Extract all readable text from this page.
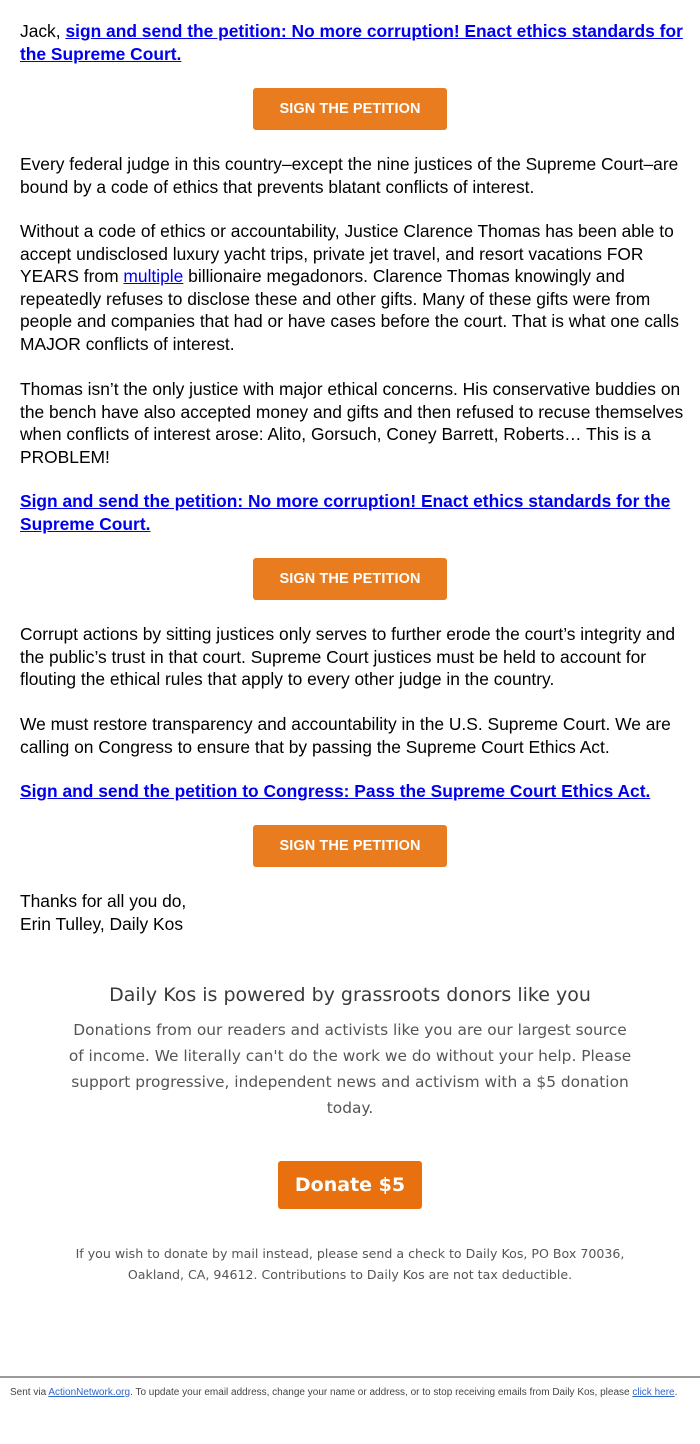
Jack, sign and send the petition: No more corruption! Enact ethics standards for the Supreme Court.
SIGN THE PETITION
Every federal judge in this country–except the nine justices of the Supreme Court–are bound by a code of ethics that prevents blatant conflicts of interest.
Without a code of ethics or accountability, Justice Clarence Thomas has been able to accept undisclosed luxury yacht trips, private jet travel, and resort vacations FOR YEARS from multiple billionaire megadonors. Clarence Thomas knowingly and repeatedly refuses to disclose these and other gifts. Many of these gifts were from people and companies that had or have cases before the court. That is what one calls MAJOR conflicts of interest.
Thomas isn’t the only justice with major ethical concerns. His conservative buddies on the bench have also accepted money and gifts and then refused to recuse themselves when conflicts of interest arose: Alito, Gorsuch, Coney Barrett, Roberts… This is a PROBLEM!
Sign and send the petition: No more corruption! Enact ethics standards for the Supreme Court.
SIGN THE PETITION
Corrupt actions by sitting justices only serves to further erode the court’s integrity and the public’s trust in that court. Supreme Court justices must be held to account for flouting the ethical rules that apply to every other judge in the country.
We must restore transparency and accountability in the U.S. Supreme Court. We are calling on Congress to ensure that by passing the Supreme Court Ethics Act.
Sign and send the petition to Congress: Pass the Supreme Court Ethics Act.
SIGN THE PETITION
Thanks for all you do,
Erin Tulley, Daily Kos
Daily Kos is powered by grassroots donors like you
Donations from our readers and activists like you are our largest source of income. We literally can't do the work we do without your help. Please support progressive, independent news and activism with a $5 donation today.
Donate $5
If you wish to donate by mail instead, please send a check to Daily Kos, PO Box 70036, Oakland, CA, 94612. Contributions to Daily Kos are not tax deductible.
Sent via ActionNetwork.org. To update your email address, change your name or address, or to stop receiving emails from Daily Kos, please click here.
